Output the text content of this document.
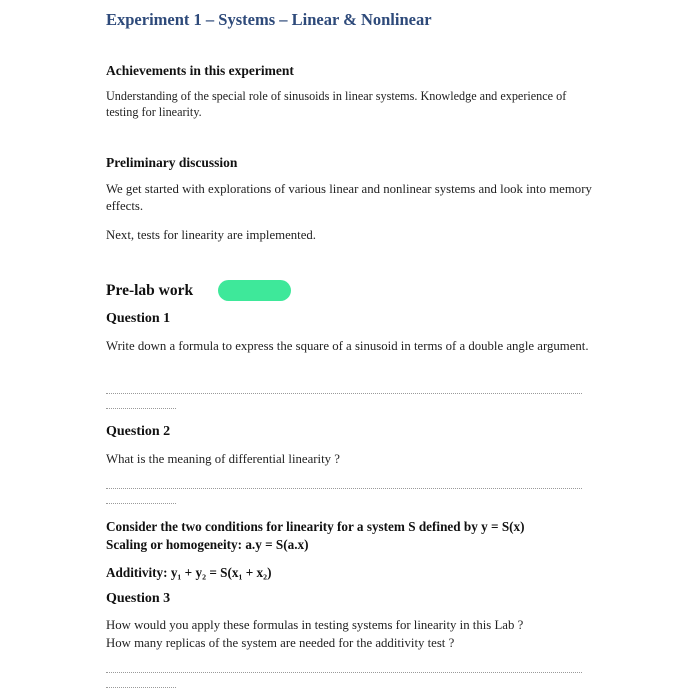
Experiment 1 – Systems – Linear & Nonlinear
Achievements in this experiment
Understanding of the special role of sinusoids in linear systems. Knowledge and experience of testing for linearity.
Preliminary discussion
We get started with explorations of various linear and nonlinear systems and look into memory effects.
Next, tests for linearity are implemented.
Pre-lab work
Question 1
Write down a formula to express the square of a sinusoid in terms of a double angle argument.
Question 2
What is the meaning of differential linearity ?
Consider the two conditions for linearity for a system S defined by y = S(x)
Scaling or homogeneity: a.y = S(a.x)
Additivity: y₁ + y₂ = S(x₁ + x₂)
Question 3
How would you apply these formulas in testing systems for linearity in this Lab ?
How many replicas of the system are needed for the additivity test ?
